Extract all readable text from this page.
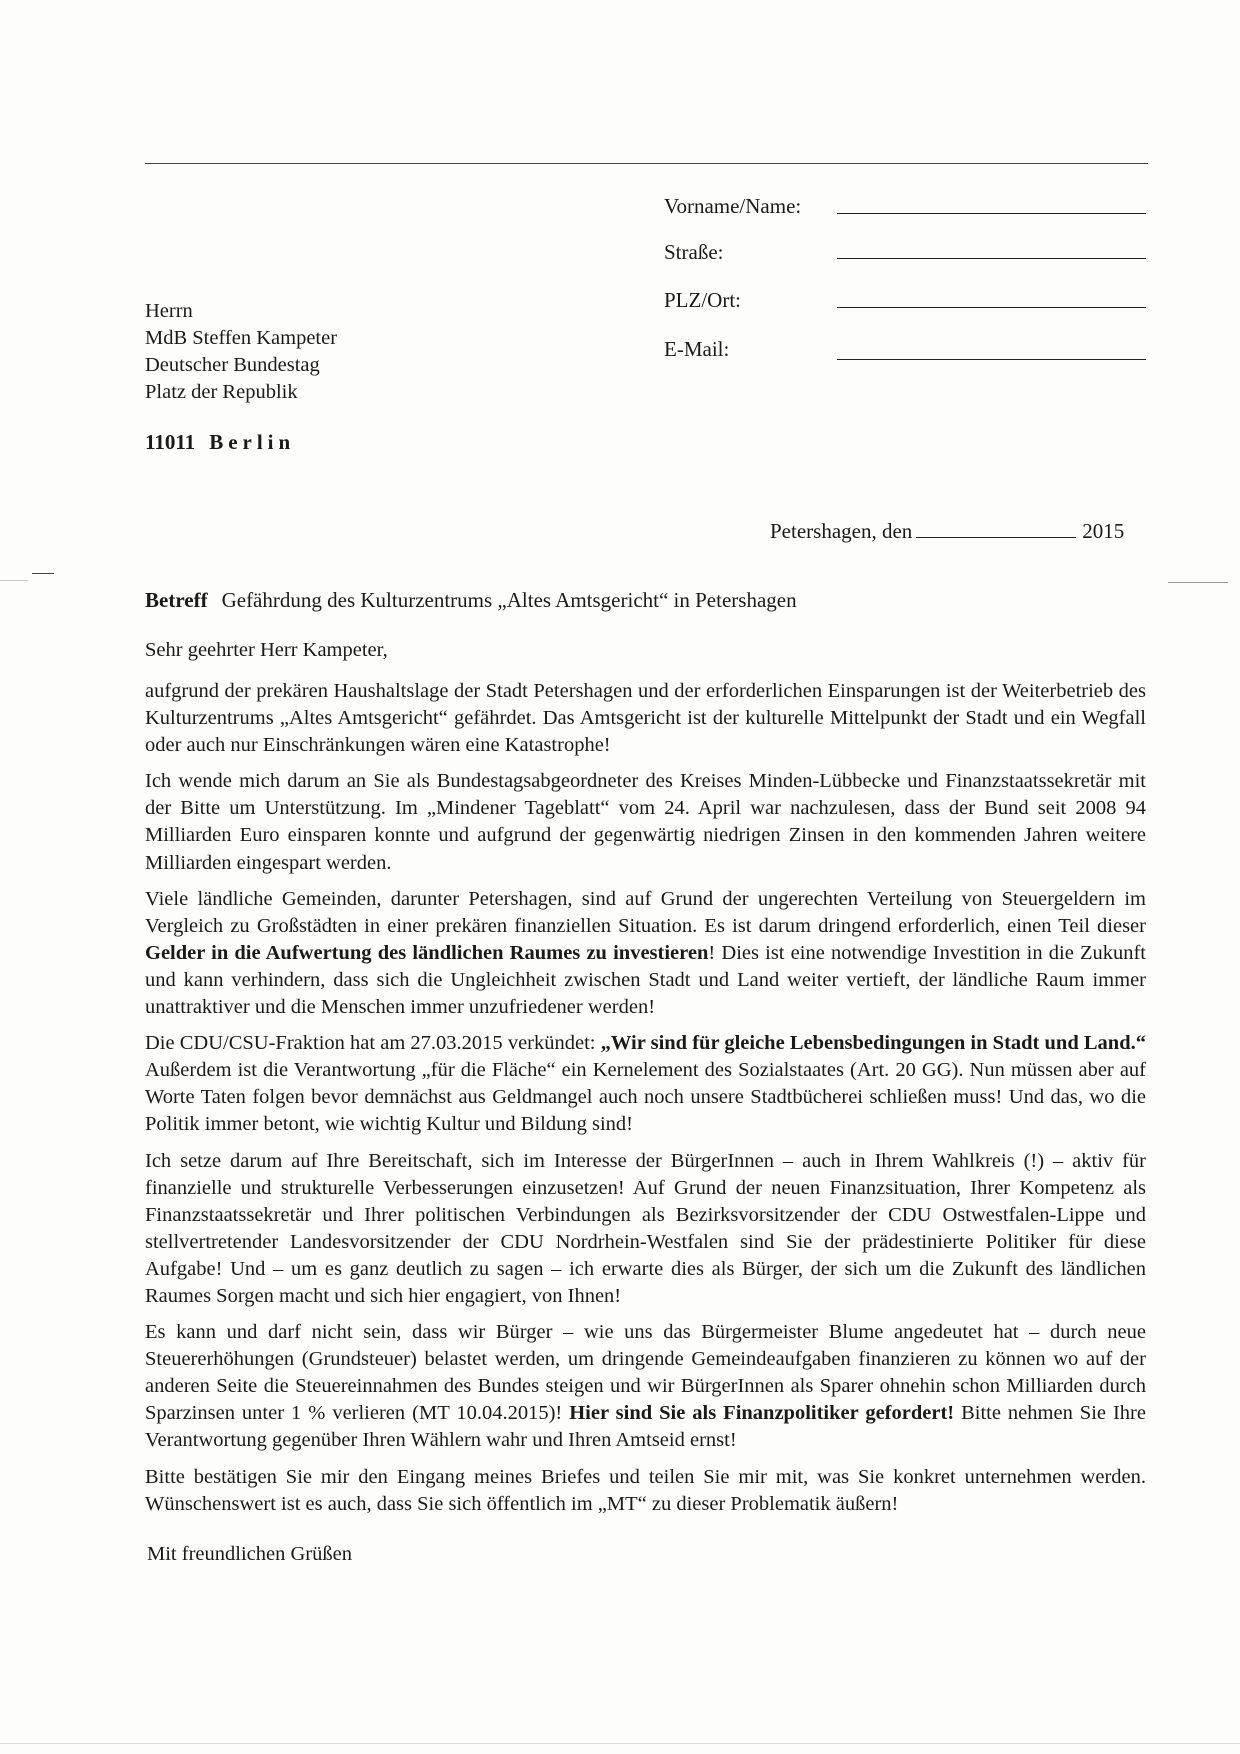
Vorname/Name:
Straße:
PLZ/Ort:
E-Mail:
Herrn
MdB Steffen Kampeter
Deutscher Bundestag
Platz der Republik
11011 Berlin
Petershagen, den	2015
Betreff Gefährdung des Kulturzentrums „Altes Amtsgericht“ in Petershagen
Sehr geehrter Herr Kampeter,

aufgrund der prekären Haushaltslage der Stadt Petershagen und der erforderlichen Einsparungen ist der Weiterbetrieb des Kulturzentrums „Altes Amtsgericht“ gefährdet. Das Amtsgericht ist der kulturelle Mittelpunkt der Stadt und ein Wegfall oder auch nur Einschränkungen wären eine Katastrophe!

Ich wende mich darum an Sie als Bundestagsabgeordneter des Kreises Minden-Lübbecke und Finanzstaatssekretär mit der Bitte um Unterstützung. Im „Mindener Tageblatt“ vom 24. April war nachzulesen, dass der Bund seit 2008 94 Milliarden Euro einsparen konnte und aufgrund der gegenwärtig niedrigen Zinsen in den kommenden Jahren weitere Milliarden eingespart werden.

Viele ländliche Gemeinden, darunter Petershagen, sind auf Grund der ungerechten Verteilung von Steuergeldern im Vergleich zu Großstädten in einer prekären finanziellen Situation. Es ist darum dringend erforderlich, einen Teil dieser Gelder in die Aufwertung des ländlichen Raumes zu investieren! Dies ist eine notwendige Investition in die Zukunft und kann verhindern, dass sich die Ungleichheit zwischen Stadt und Land weiter vertieft, der ländliche Raum immer unattraktiver und die Menschen immer unzufriedener werden!

Die CDU/CSU-Fraktion hat am 27.03.2015 verkündet: „Wir sind für gleiche Lebensbedingungen in Stadt und Land.“ Außerdem ist die Verantwortung „für die Fläche“ ein Kernelement des Sozialstaates (Art. 20 GG). Nun müssen aber auf Worte Taten folgen bevor demnächst aus Geldmangel auch noch unsere Stadtbücherei schließen muss! Und das, wo die Politik immer betont, wie wichtig Kultur und Bildung sind!

Ich setze darum auf Ihre Bereitschaft, sich im Interesse der BürgerInnen – auch in Ihrem Wahlkreis (!) – aktiv für finanzielle und strukturelle Verbesserungen einzusetzen! Auf Grund der neuen Finanzsituation, Ihrer Kompetenz als Finanzstaatssekretär und Ihrer politischen Verbindungen als Bezirksvorsitzender der CDU Ostwestfalen-Lippe und stellvertretender Landesvorsitzender der CDU Nordrhein-Westfalen sind Sie der prädestinierte Politiker für diese Aufgabe! Und – um es ganz deutlich zu sagen – ich erwarte dies als Bürger, der sich um die Zukunft des ländlichen Raumes Sorgen macht und sich hier engagiert, von Ihnen!

Es kann und darf nicht sein, dass wir Bürger – wie uns das Bürgermeister Blume angedeutet hat – durch neue Steuererhöhungen (Grundsteuer) belastet werden, um dringende Gemeindeaufgaben finanzieren zu können wo auf der anderen Seite die Steuereinnahmen des Bundes steigen und wir BürgerInnen als Sparer ohnehin schon Milliarden durch Sparzinsen unter 1 % verlieren (MT 10.04.2015)! Hier sind Sie als Finanzpolitiker gefordert! Bitte nehmen Sie Ihre Verantwortung gegenüber Ihren Wählern wahr und Ihren Amtseid ernst!

Bitte bestätigen Sie mir den Eingang meines Briefes und teilen Sie mir mit, was Sie konkret unternehmen werden. Wünschenswert ist es auch, dass Sie sich öffentlich im „MT“ zu dieser Problematik äußern!

Mit freundlichen Grüßen
